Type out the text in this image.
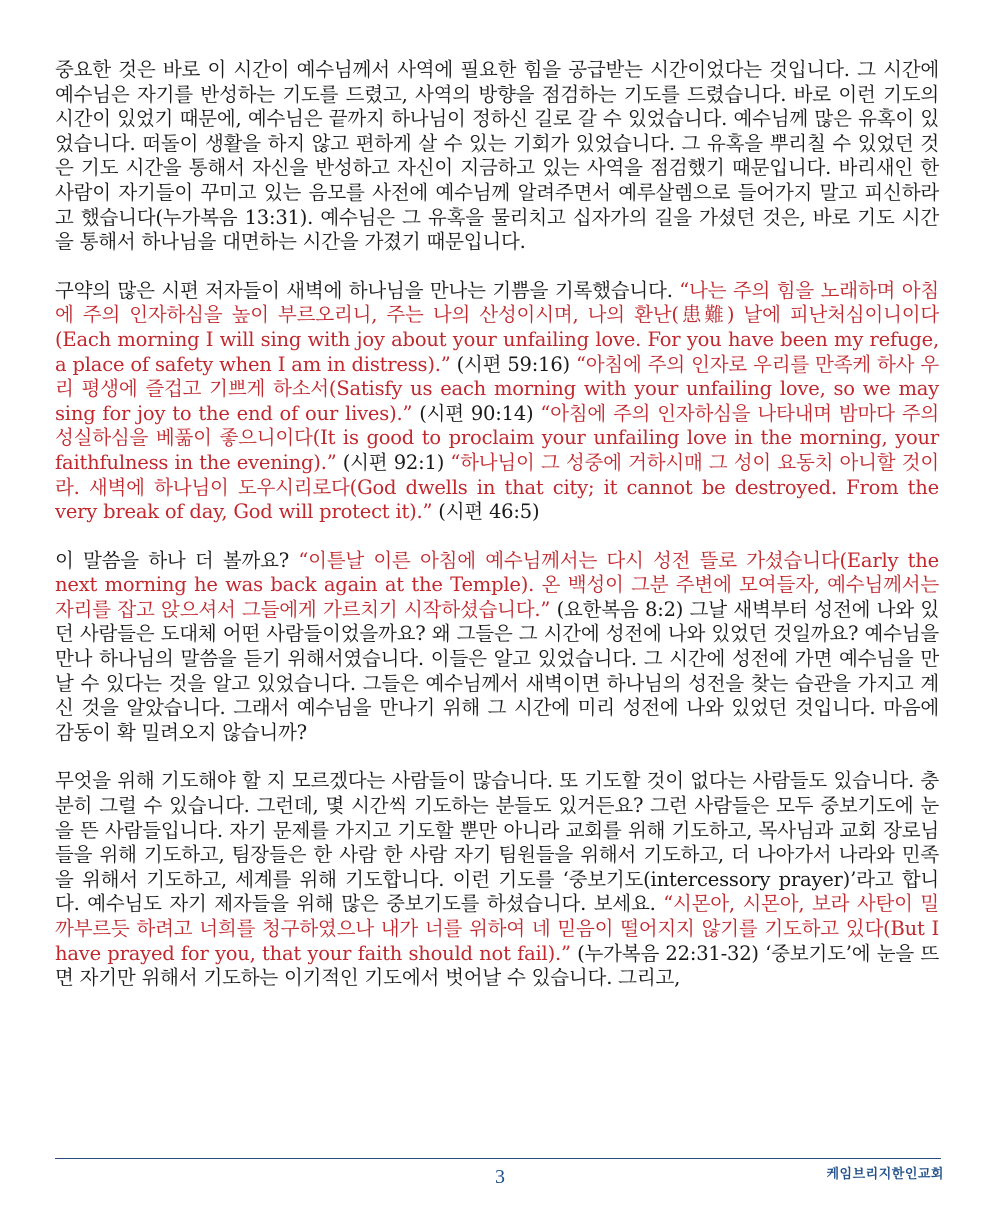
중요한 것은 바로 이 시간이 예수님께서 사역에 필요한 힘을 공급받는 시간이었다는 것입니다. 그 시간에 예수님은 자기를 반성하는 기도를 드렸고, 사역의 방향을 점검하는 기도를 드렸습니다. 바로 이런 기도의 시간이 있었기 때문에, 예수님은 끝까지 하나님이 정하신 길로 갈 수 있었습니다. 예수님께 많은 유혹이 있었습니다. 떠돌이 생활을 하지 않고 편하게 살 수 있는 기회가 있었습니다. 그 유혹을 뿌리칠 수 있었던 것은 기도 시간을 통해서 자신을 반성하고 자신이 지금하고 있는 사역을 점검했기 때문입니다. 바리새인 한 사람이 자기들이 꾸미고 있는 음모를 사전에 예수님께 알려주면서 예루살렘으로 들어가지 말고 피신하라고 했습니다(누가복음 13:31). 예수님은 그 유혹을 물리치고 십자가의 길을 가셨던 것은, 바로 기도 시간을 통해서 하나님을 대면하는 시간을 가졌기 때문입니다.

구약의 많은 시편 저자들이 새벽에 하나님을 만나는 기쁨을 기록했습니다. “나는 주의 힘을 노래하며 아침에 주의 인자하심을 높이 부르오리니, 주는 나의 산성이시며, 나의 환난(患難) 날에 피난처심이니이다(Each morning I will sing with joy about your unfailing love. For you have been my refuge, a place of safety when I am in distress).” (시편 59:16) “아침에 주의 인자로 우리를 만족케 하사 우리 평생에 즐겁고 기쁘게 하소서(Satisfy us each morning with your unfailing love, so we may sing for joy to the end of our lives).” (시편 90:14) “아침에 주의 인자하심을 나타내며 밤마다 주의 성실하심을 베풂이 좋으니이다(It is good to proclaim your unfailing love in the morning, your faithfulness in the evening).” (시편 92:1) “하나님이 그 성중에 거하시매 그 성이 요동치 아니할 것이라. 새벽에 하나님이 도우시리로다(God dwells in that city; it cannot be destroyed. From the very break of day, God will protect it).” (시편 46:5)

이 말씀을 하나 더 볼까요? “이튿날 이른 아침에 예수님께서는 다시 성전 뜰로 가셨습니다(Early the next morning he was back again at the Temple). 온 백성이 그분 주변에 모여들자, 예수님께서는 자리를 잡고 앉으셔서 그들에게 가르치기 시작하셨습니다.” (요한복음 8:2) 그날 새벽부터 성전에 나와 있던 사람들은 도대체 어떤 사람들이었을까요? 왜 그들은 그 시간에 성전에 나와 있었던 것일까요? 예수님을 만나 하나님의 말씀을 듣기 위해서였습니다. 이들은 알고 있었습니다. 그 시간에 성전에 가면 예수님을 만날 수 있다는 것을 알고 있었습니다. 그들은 예수님께서 새벽이면 하나님의 성전을 찾는 습관을 가지고 계신 것을 알았습니다. 그래서 예수님을 만나기 위해 그 시간에 미리 성전에 나와 있었던 것입니다. 마음에 감동이 확 밀려오지 않습니까?

무엇을 위해 기도해야 할 지 모르겠다는 사람들이 많습니다. 또 기도할 것이 없다는 사람들도 있습니다. 충분히 그럴 수 있습니다. 그런데, 몇 시간씩 기도하는 분들도 있거든요? 그런 사람들은 모두 중보기도에 눈을 뜬 사람들입니다. 자기 문제를 가지고 기도할 뿐만 아니라 교회를 위해 기도하고, 목사님과 교회 장로님들을 위해 기도하고, 팀장들은 한 사람 한 사람 자기 팀원들을 위해서 기도하고, 더 나아가서 나라와 민족을 위해서 기도하고, 세계를 위해 기도합니다. 이런 기도를 ‘중보기도(intercessory prayer)’라고 합니다. 예수님도 자기 제자들을 위해 많은 중보기도를 하셨습니다. 보세요. “시몬아, 시몬아, 보라 사탄이 밀 까부르듯 하려고 너희를 청구하였으나 내가 너를 위하여 네 믿음이 떨어지지 않기를 기도하고 있다(But I have prayed for you, that your faith should not fail).” (누가복음 22:31-32) ‘중보기도’에 눈을 뜨면 자기만 위해서 기도하는 이기적인 기도에서 벗어날 수 있습니다. 그리고,

3	케임브리지한인교회
